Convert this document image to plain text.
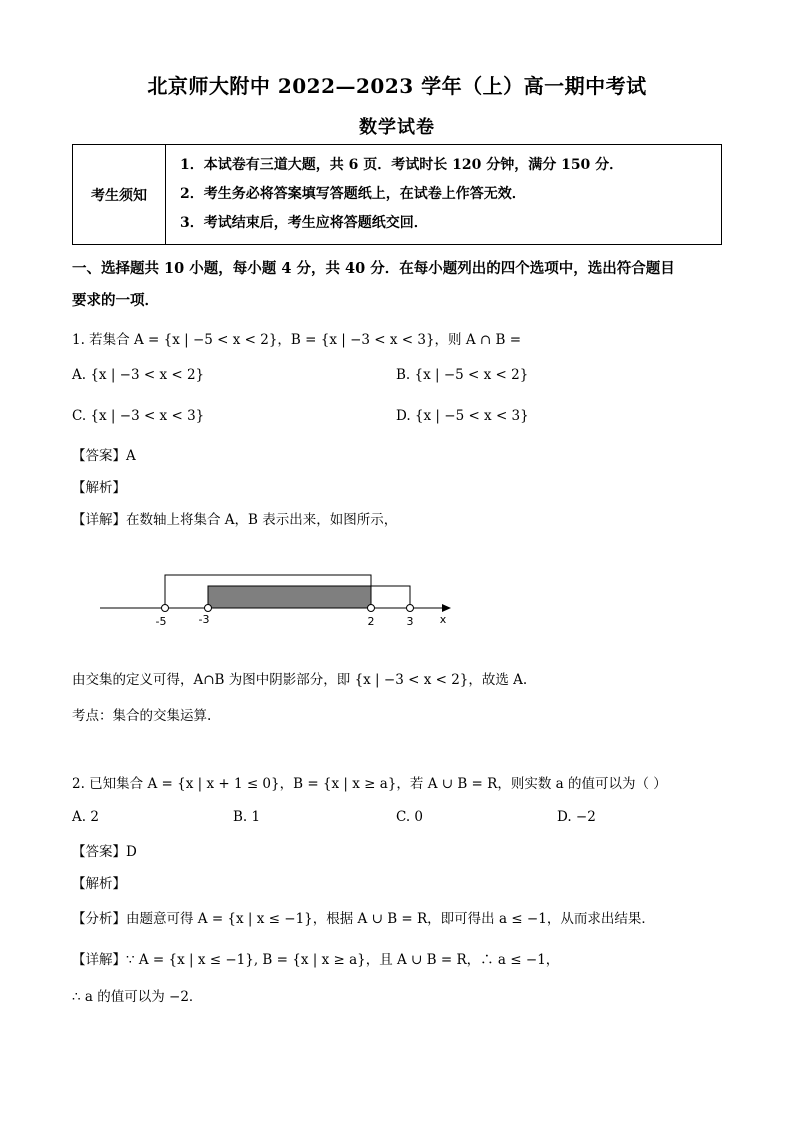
北京师大附中 2022—2023 学年（上）高一期中考试
数学试卷
考生须知	
1．本试卷有三道大题，共 6 页．考试时长 120 分钟，满分 150 分．
2．考生务必将答案填写答题纸上，在试卷上作答无效．
3．考试结束后，考生应将答题纸交回．
一、选择题共 10 小题，每小题 4 分，共 40 分．在每小题列出的四个选项中，选出符合题目
要求的一项．
1. 若集合 A = {x | −5 < x < 2}，B = {x | −3 < x < 3}，则 A ∩ B =
A. {x | −3 < x < 2}	B. {x | −5 < x < 2}
C. {x | −3 < x < 3}	D. {x | −5 < x < 3}
【答案】A
【解析】
【详解】在数轴上将集合 A，B 表示出来，如图所示，
-5	-3	2	3 x
由交集的定义可得，A∩B 为图中阴影部分，即 {x | −3 < x < 2}，故选 A.
考点：集合的交集运算.
2. 已知集合 A = {x | x + 1 ≤ 0}，B = {x | x ≥ a}，若 A ∪ B = R，则实数 a 的值可以为（ ）
A. 2	B. 1	C. 0	D. −2
【答案】D
【解析】
【分析】由题意可得 A = {x | x ≤ −1}，根据 A ∪ B = R，即可得出 a ≤ −1，从而求出结果．
【详解】∵ A = {x | x ≤ −1}, B = {x | x ≥ a}，且 A ∪ B = R，∴ a ≤ −1，
∴ a 的值可以为 −2．
